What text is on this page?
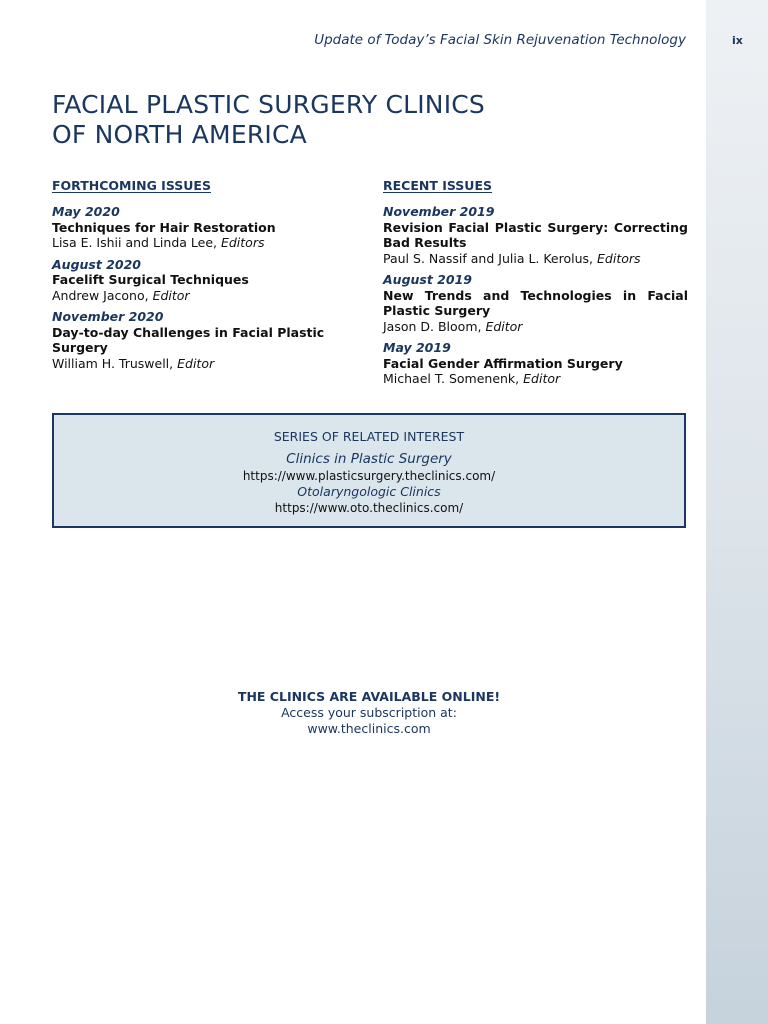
Update of Today’s Facial Skin Rejuvenation Technology	ix
FACIAL PLASTIC SURGERY CLINICS
OF NORTH AMERICA
FORTHCOMING ISSUES
May 2020
Techniques for Hair Restoration
Lisa E. Ishii and Linda Lee, Editors
August 2020
Facelift Surgical Techniques
Andrew Jacono, Editor
November 2020
Day-to-day Challenges in Facial Plastic Surgery
William H. Truswell, Editor
RECENT ISSUES
November 2019
Revision Facial Plastic Surgery: Correcting Bad Results
Paul S. Nassif and Julia L. Kerolus, Editors
August 2019
New Trends and Technologies in Facial Plastic Surgery
Jason D. Bloom, Editor
May 2019
Facial Gender Affirmation Surgery
Michael T. Somenenk, Editor
SERIES OF RELATED INTEREST
Clinics in Plastic Surgery
https://www.plasticsurgery.theclinics.com/
Otolaryngologic Clinics
https://www.oto.theclinics.com/
THE CLINICS ARE AVAILABLE ONLINE!
Access your subscription at:
www.theclinics.com
